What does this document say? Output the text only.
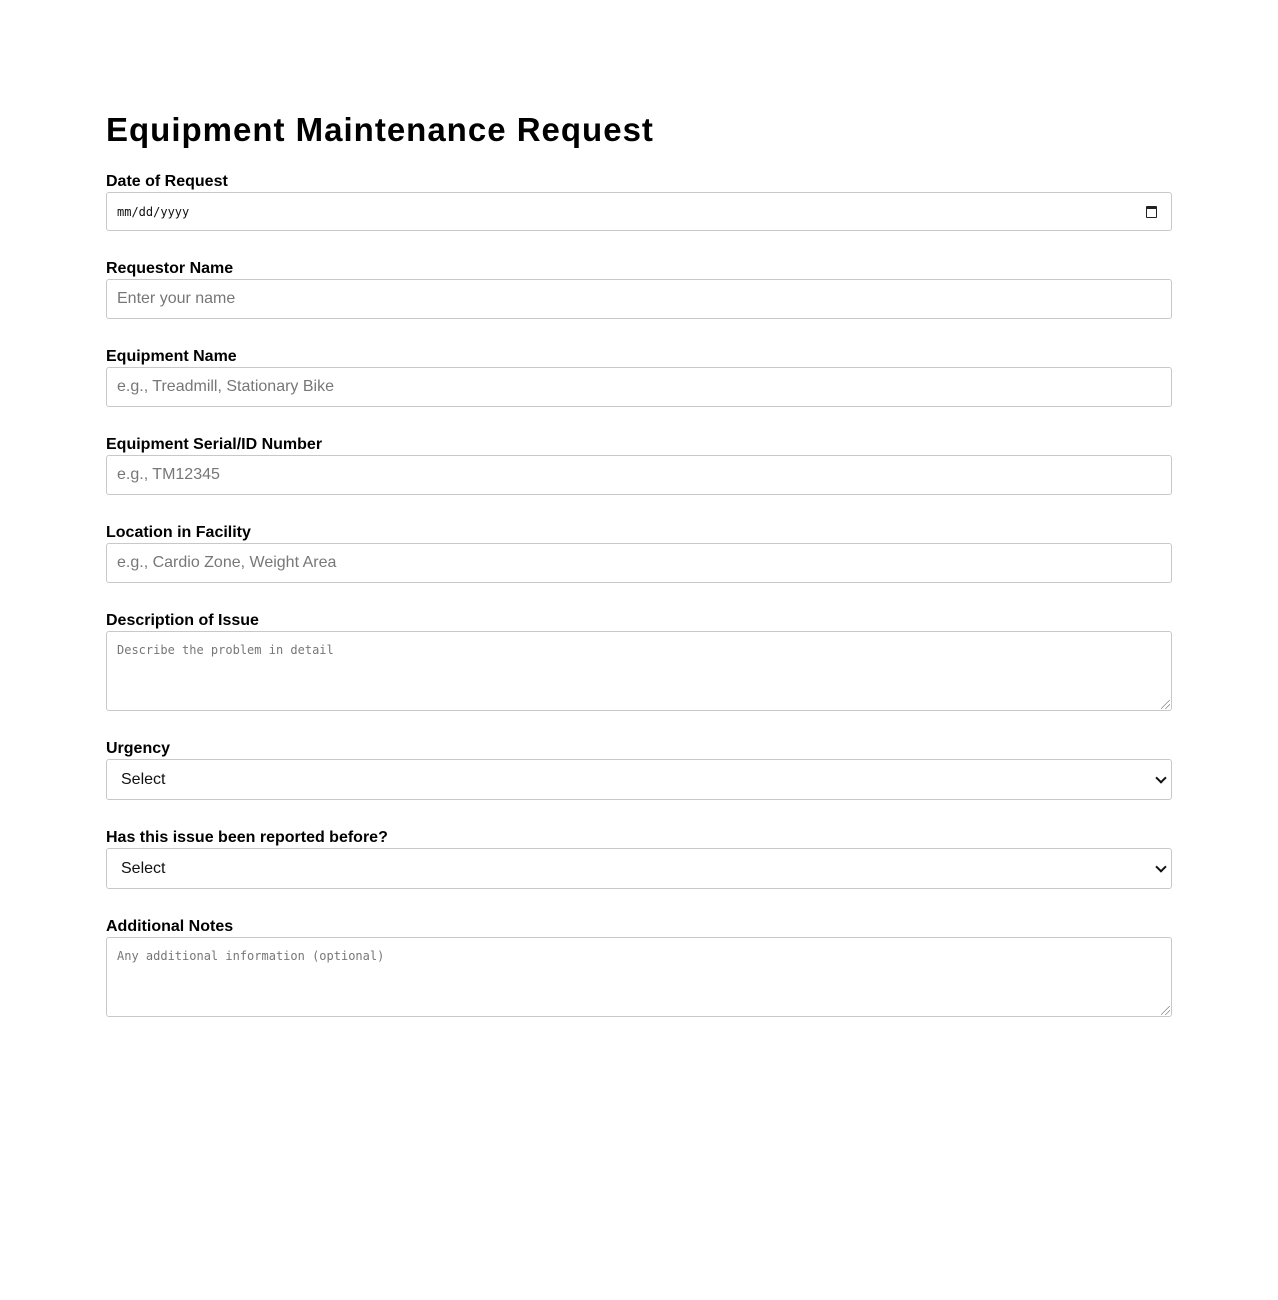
Equipment Maintenance Request
Date of Request
mm/dd/yyyy
Requestor Name
Enter your name
Equipment Name
e.g., Treadmill, Stationary Bike
Equipment Serial/ID Number
e.g., TM12345
Location in Facility
e.g., Cardio Zone, Weight Area
Description of Issue
Describe the problem in detail
Urgency
Select
Has this issue been reported before?
Select
Additional Notes
Any additional information (optional)
